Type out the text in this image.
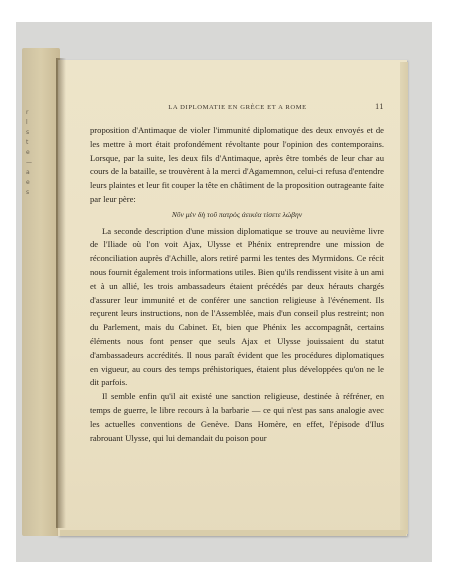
r
l
s
t
e
—
a
e
s
LA DIPLOMATIE EN GRÈCE ET A ROME	11

proposition d'Antimaque de violer l'immunité diplomatique des deux envoyés et de les mettre à mort était profondément révoltante pour l'opinion des contemporains. Lorsque, par la suite, les deux fils d'Antimaque, après être tombés de leur char au cours de la bataille, se trouvèrent à la merci d'Agamemnon, celui-ci refusa d'entendre leurs plaintes et leur fit couper la tête en châtiment de la proposition outrageante faite par leur père:

Νῦν μὲν δὴ τοῦ πατρὸς ἀεικέα τίσετε λώβην

La seconde description d'une mission diplomatique se trouve au neuvième livre de l'Iliade où l'on voit Ajax, Ulysse et Phénix entreprendre une mission de réconciliation auprès d'Achille, alors retiré parmi les tentes des Myrmidons. Ce récit nous fournit également trois informations utiles. Bien qu'ils rendissent visite à un ami et à un allié, les trois ambassadeurs étaient précédés par deux hérauts chargés d'assurer leur immunité et de conférer une sanction religieuse à l'événement. Ils reçurent leurs instructions, non de l'Assemblée, mais d'un conseil plus restreint; non du Parlement, mais du Cabinet. Et, bien que Phénix les accompagnât, certains éléments nous font penser que seuls Ajax et Ulysse jouissaient du statut d'ambassadeurs accrédités. Il nous paraît évident que les procédures diplomatiques en vigueur, au cours des temps préhistoriques, étaient plus développées qu'on ne le dit parfois.

Il semble enfin qu'il ait existé une sanction religieuse, destinée à réfréner, en temps de guerre, le libre recours à la barbarie — ce qui n'est pas sans analogie avec les actuelles conventions de Genève. Dans Homère, en effet, l'épisode d'Ilus rabrouant Ulysse, qui lui demandait du poison pour
